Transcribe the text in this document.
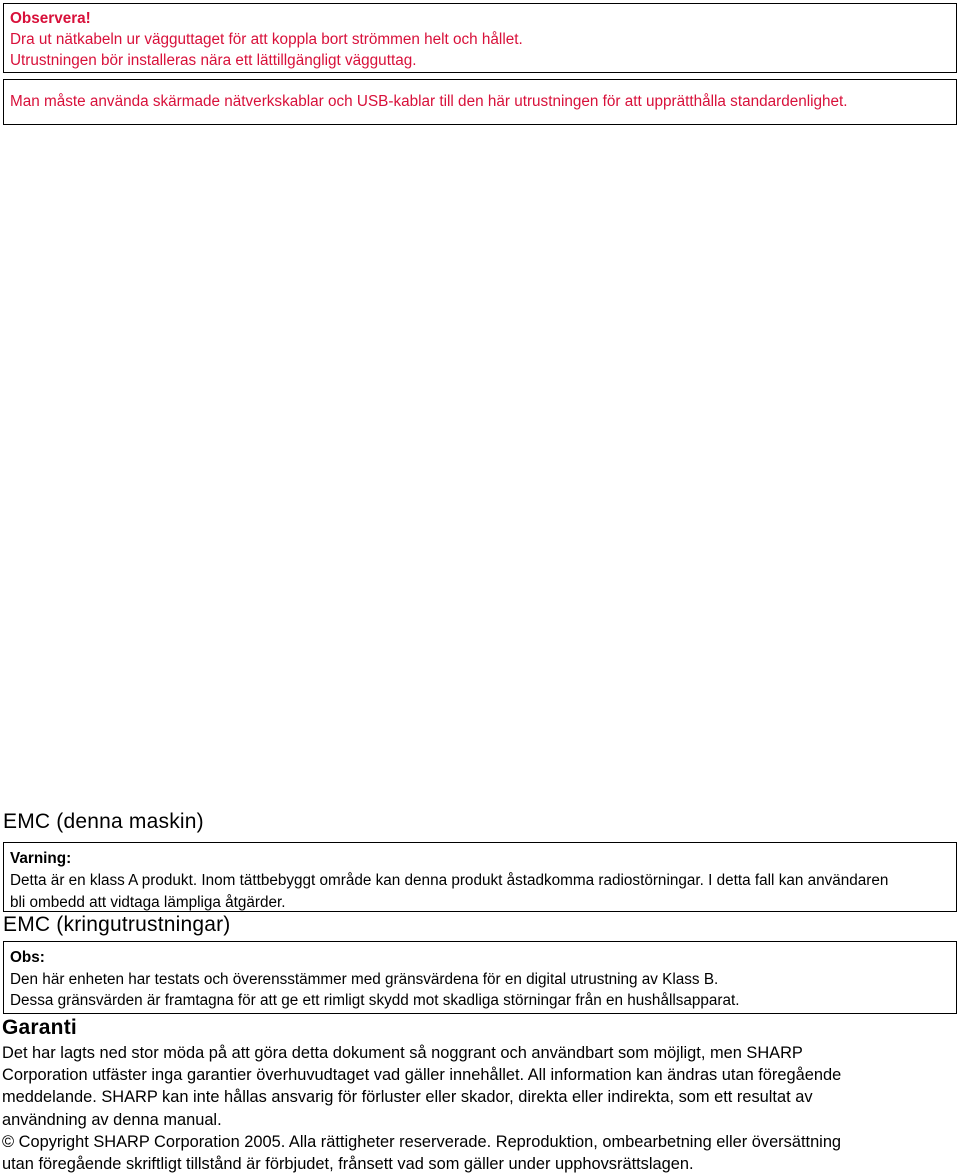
Observera!
Dra ut nätkabeln ur vägguttaget för att koppla bort strömmen helt och hållet.
Utrustningen bör installeras nära ett lättillgängligt vägguttag.
Man måste använda skärmade nätverkskablar och USB-kablar till den här utrustningen för att upprätthålla standardenlighet.
EMC (denna maskin)
Varning:
Detta är en klass A produkt. Inom tättbebyggt område kan denna produkt åstadkomma radiostörningar. I detta fall kan användaren
bli ombedd att vidtaga lämpliga åtgärder.
EMC (kringutrustningar)
Obs:
Den här enheten har testats och överensstämmer med gränsvärdena för en digital utrustning av Klass B.
Dessa gränsvärden är framtagna för att ge ett rimligt skydd mot skadliga störningar från en hushållsapparat.
Garanti
Det har lagts ned stor möda på att göra detta dokument så noggrant och användbart som möjligt, men SHARP
Corporation utfäster inga garantier överhuvudtaget vad gäller innehållet. All information kan ändras utan föregående
meddelande. SHARP kan inte hållas ansvarig för förluster eller skador, direkta eller indirekta, som ett resultat av
användning av denna manual.
© Copyright SHARP Corporation 2005. Alla rättigheter reserverade. Reproduktion, ombearbetning eller översättning
utan föregående skriftligt tillstånd är förbjudet, frånsett vad som gäller under upphovsrättslagen.
